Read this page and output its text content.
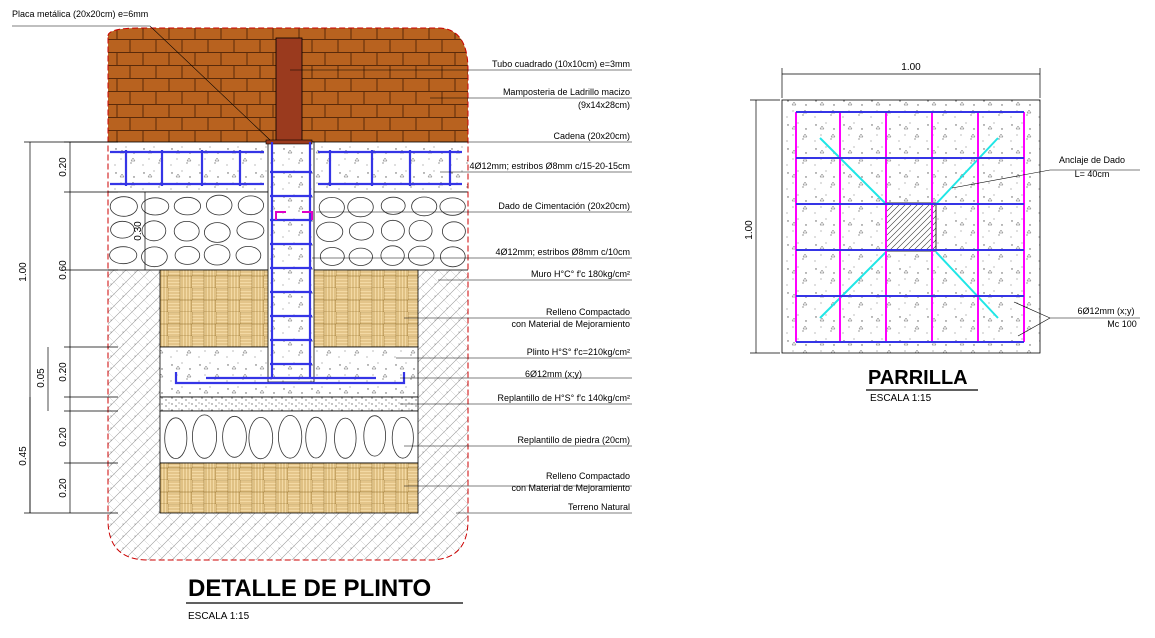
Placa metálica (20x20cm) e=6mm
Tubo cuadrado (10x10cm) e=3mm
Mamposteria de Ladrillo macizo
(9x14x28cm)
Cadena (20x20cm)
4Ø12mm; estribos Ø8mm c/15-20-15cm
Dado de Cimentación (20x20cm)
4Ø12mm; estribos Ø8mm c/10cm
Muro H°C° f'c 180kg/cm²
Relleno Compactado
con Material de Mejoramiento
Plinto H°S° f'c=210kg/cm²
6Ø12mm (x;y)
Replantillo de H°S° f'c 140kg/cm²
Replantillo de piedra (20cm)
Relleno Compactado
con Material de Mejoramiento
Terreno Natural
0.20
0.30
0.60
1.00
0.20
0.05
0.20
0.20
0.45
DETALLE DE PLINTO
ESCALA 1:15
1.00
1.00
Anclaje de Dado
L= 40cm
6Ø12mm (x;y)
Mc 100
PARRILLA
ESCALA 1:15
